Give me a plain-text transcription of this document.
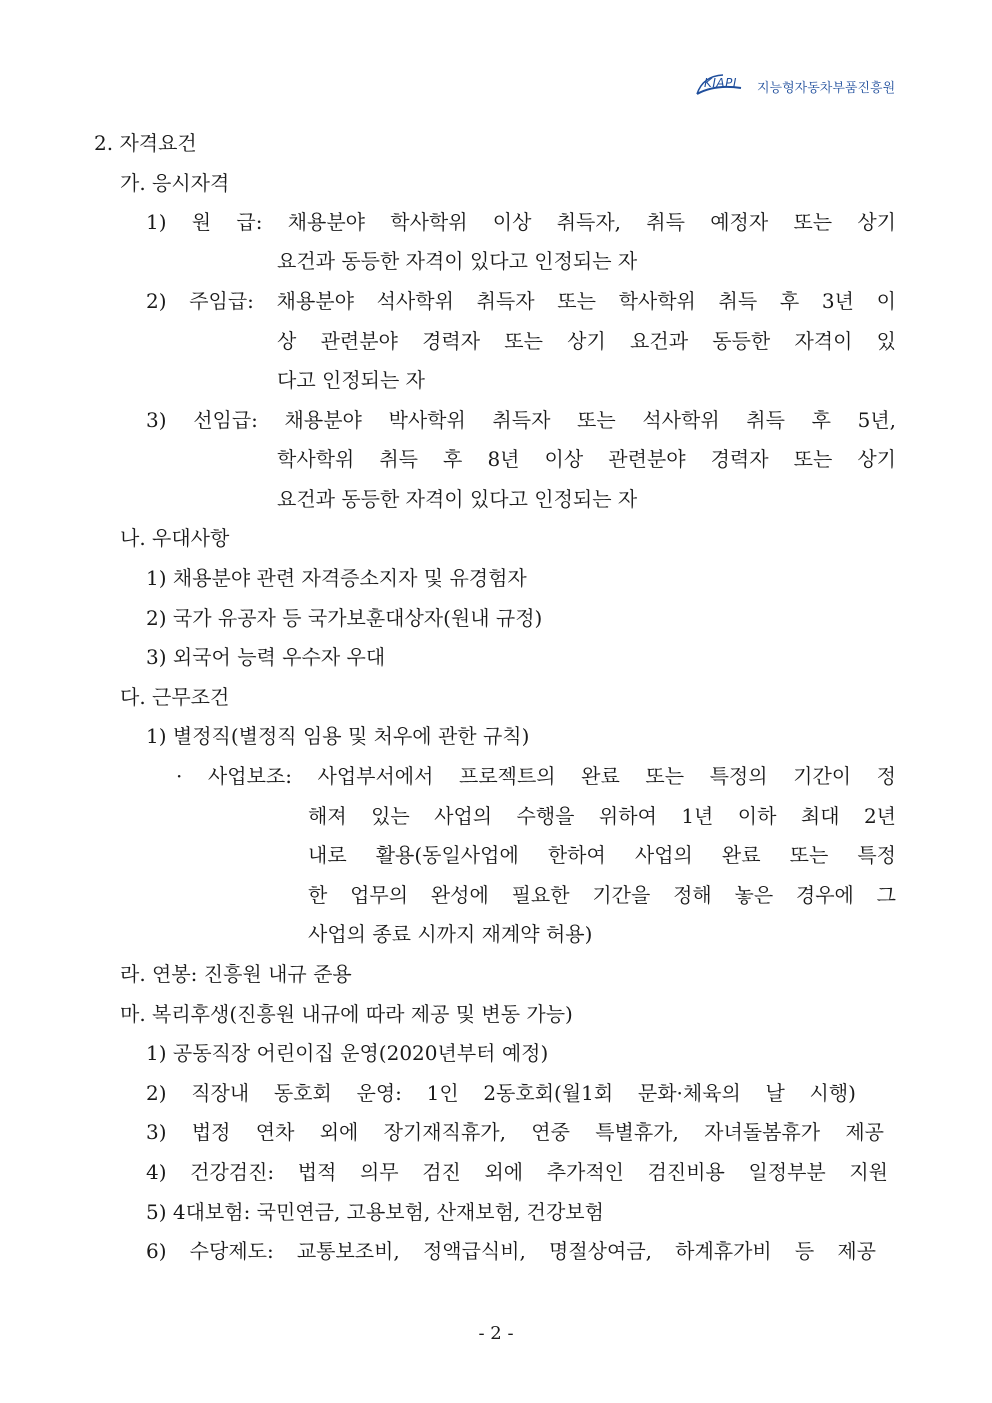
KIAPI 지능형자동차부품진흥원
2. 자격요건
가. 응시자격
1) 원 급: 채용분야 학사학위 이상 취득자, 취득 예정자 또는 상기
요건과 동등한 자격이 있다고 인정되는 자
2) 주임급: 채용분야 석사학위 취득자 또는 학사학위 취득 후 3년 이
상 관련분야 경력자 또는 상기 요건과 동등한 자격이 있
다고 인정되는 자
3) 선임급: 채용분야 박사학위 취득자 또는 석사학위 취득 후 5년,
학사학위 취득 후 8년 이상 관련분야 경력자 또는 상기
요건과 동등한 자격이 있다고 인정되는 자
나. 우대사항
1) 채용분야 관련 자격증소지자 및 유경험자
2) 국가 유공자 등 국가보훈대상자(원내 규정)
3) 외국어 능력 우수자 우대
다. 근무조건
1) 별정직(별정직 임용 및 처우에 관한 규칙)
· 사업보조: 사업부서에서 프로젝트의 완료 또는 특정의 기간이 정
해져 있는 사업의 수행을 위하여 1년 이하 최대 2년
내로 활용(동일사업에 한하여 사업의 완료 또는 특정
한 업무의 완성에 필요한 기간을 정해 놓은 경우에 그
사업의 종료 시까지 재계약 허용)
라. 연봉: 진흥원 내규 준용
마. 복리후생(진흥원 내규에 따라 제공 및 변동 가능)
1) 공동직장 어린이집 운영(2020년부터 예정)
2) 직장내 동호회 운영: 1인 2동호회(월1회 문화·체육의 날 시행)
3) 법정 연차 외에 장기재직휴가, 연중 특별휴가, 자녀돌봄휴가 제공
4) 건강검진: 법적 의무 검진 외에 추가적인 검진비용 일정부분 지원
5) 4대보험: 국민연금, 고용보험, 산재보험, 건강보험
6) 수당제도: 교통보조비, 정액급식비, 명절상여금, 하계휴가비 등 제공
- 2 -
